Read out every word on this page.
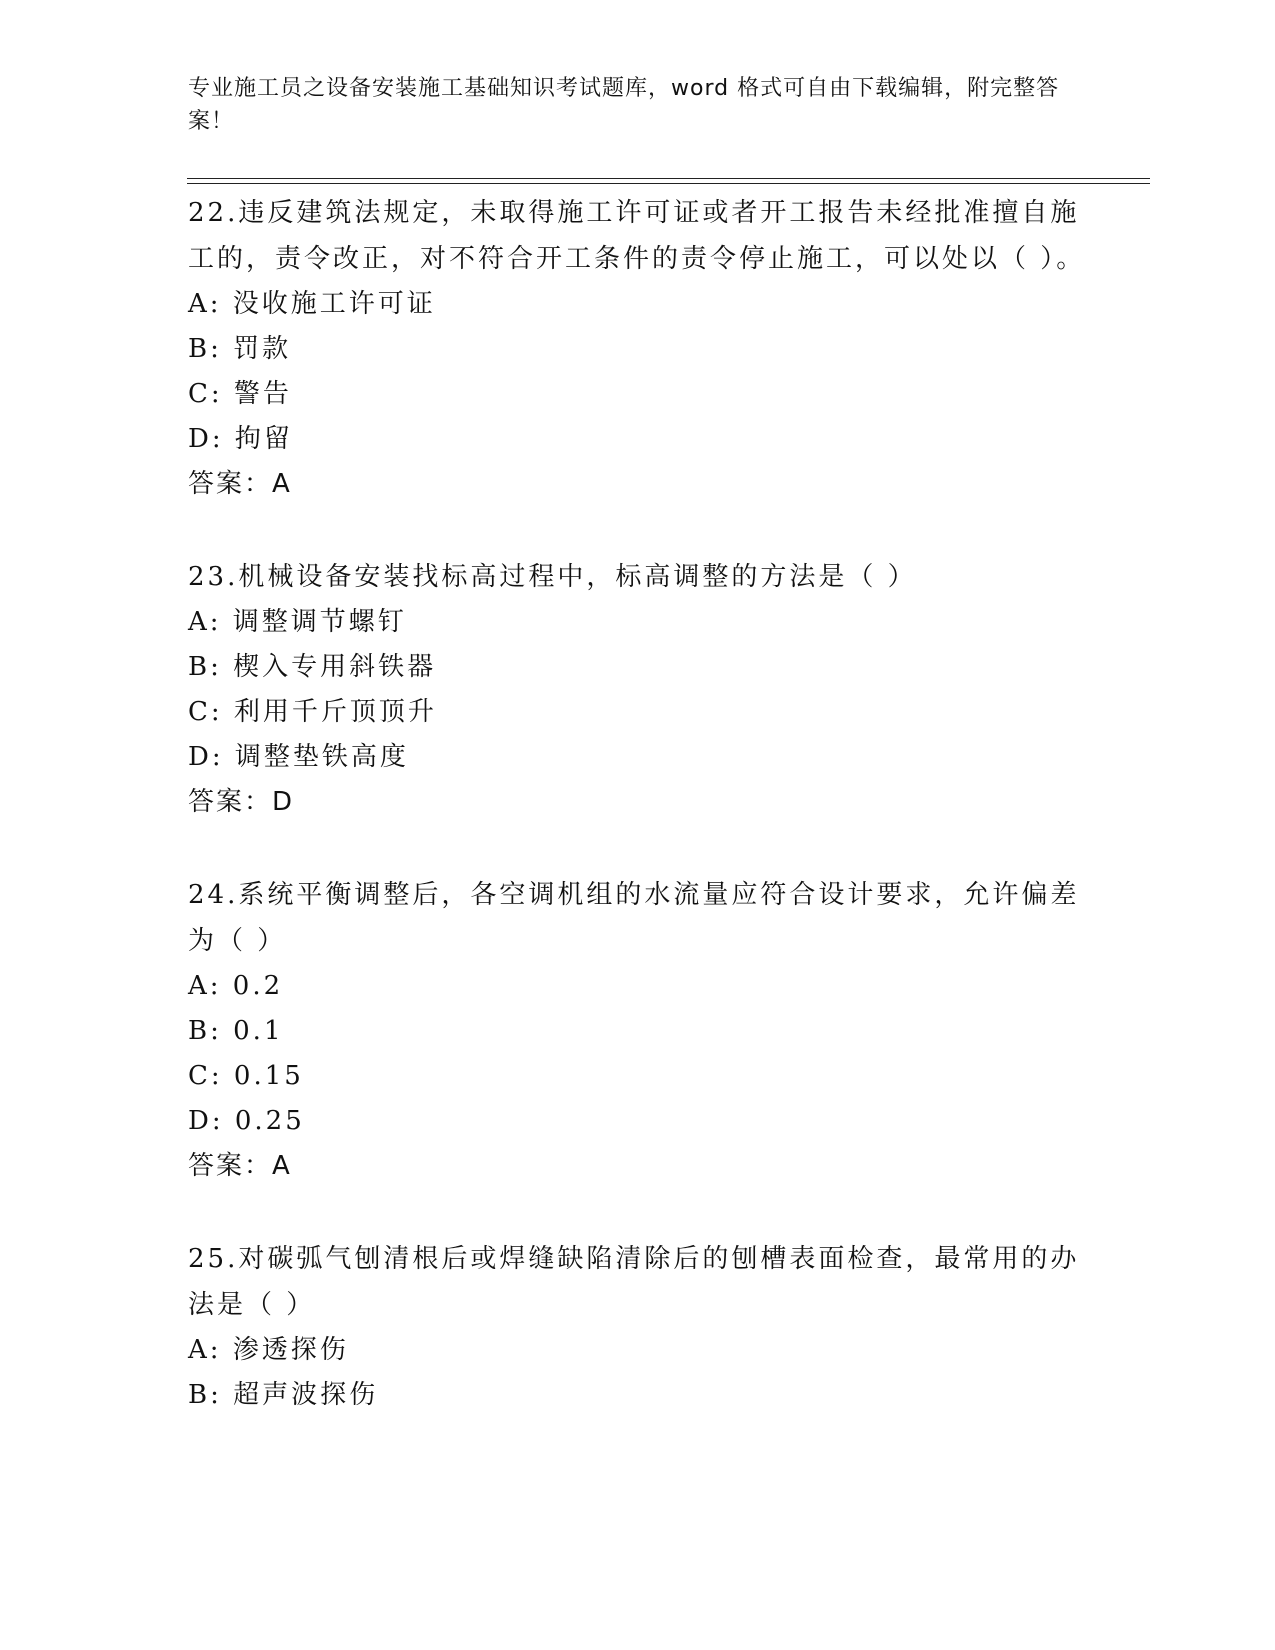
专业施工员之设备安装施工基础知识考试题库，word 格式可自由下载编辑，附完整答案！
22.违反建筑法规定，未取得施工许可证或者开工报告未经批准擅自施工的，责令改正，对不符合开工条件的责令停止施工，可以处以（ ）。
A: 没收施工许可证
B: 罚款
C: 警告
D: 拘留
答案：A
23.机械设备安装找标高过程中，标高调整的方法是（ ）
A: 调整调节螺钉
B: 楔入专用斜铁器
C: 利用千斤顶顶升
D: 调整垫铁高度
答案：D
24.系统平衡调整后，各空调机组的水流量应符合设计要求，允许偏差为（ ）
A: 0.2
B: 0.1
C: 0.15
D: 0.25
答案：A
25.对碳弧气刨清根后或焊缝缺陷清除后的刨槽表面检查，最常用的办法是（ ）
A: 渗透探伤
B: 超声波探伤
